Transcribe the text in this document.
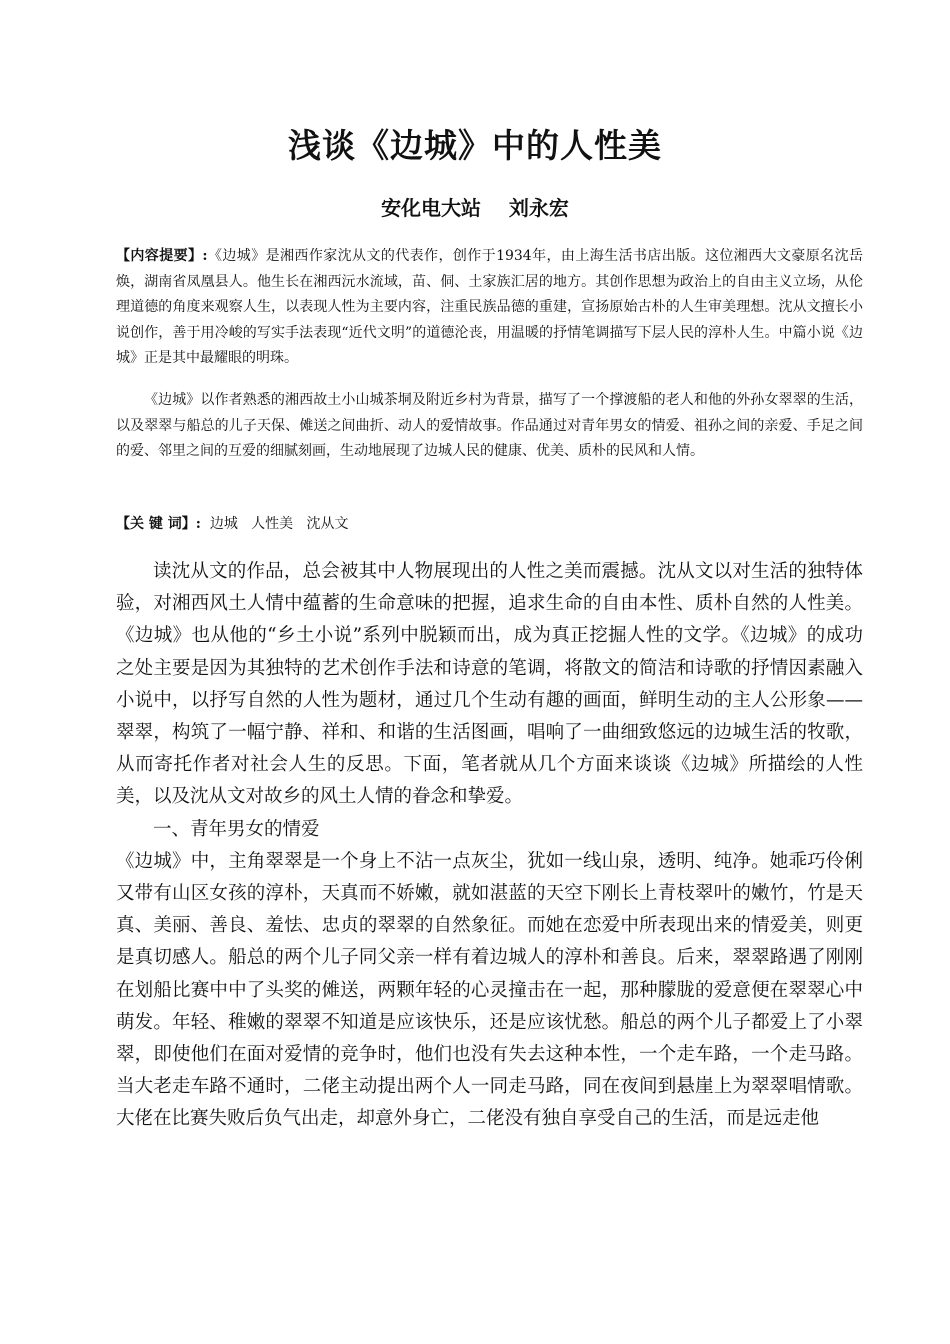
浅谈《边城》中的人性美
安化电大站    刘永宏

【内容提要】:《边城》是湘西作家沈从文的代表作，创作于1934年，由上海生活书店出版。这位湘西大文豪原名沈岳焕，湖南省凤凰县人。他生长在湘西沅水流域，苗、侗、土家族汇居的地方。其创作思想为政治上的自由主义立场，从伦理道德的角度来观察人生，以表现人性为主要内容，注重民族品德的重建，宣扬原始古朴的人生审美理想。沈从文擅长小说创作，善于用冷峻的写实手法表现“近代文明”的道德沦丧，用温暖的抒情笔调描写下层人民的淳朴人生。中篇小说《边城》正是其中最耀眼的明珠。

《边城》以作者熟悉的湘西故土小山城茶垌及附近乡村为背景，描写了一个撑渡船的老人和他的外孙女翠翠的生活，以及翠翠与船总的儿子天保、傩送之间曲折、动人的爱情故事。作品通过对青年男女的情爱、祖孙之间的亲爱、手足之间的爱、邻里之间的互爱的细腻刻画，生动地展现了边城人民的健康、优美、质朴的民风和人情。

【关 键 词】:  边城   人性美   沈从文

读沈从文的作品，总会被其中人物展现出的人性之美而震撼。沈从文以对生活的独特体验，对湘西风土人情中蕴蓄的生命意味的把握，追求生命的自由本性、质朴自然的人性美。《边城》也从他的“乡土小说”系列中脱颖而出，成为真正挖掘人性的文学。《边城》的成功之处主要是因为其独特的艺术创作手法和诗意的笔调，将散文的简洁和诗歌的抒情因素融入小说中，以抒写自然的人性为题材，通过几个生动有趣的画面，鲜明生动的主人公形象——翠翠，构筑了一幅宁静、祥和、和谐的生活图画，唱响了一曲细致悠远的边城生活的牧歌，从而寄托作者对社会人生的反思。下面，笔者就从几个方面来谈谈《边城》所描绘的人性美，以及沈从文对故乡的风土人情的眷念和挚爱。

一、青年男女的情爱

《边城》中，主角翠翠是一个身上不沾一点灰尘，犹如一线山泉，透明、纯净。她乖巧伶俐又带有山区女孩的淳朴，天真而不娇嫩，就如湛蓝的天空下刚长上青枝翠叶的嫩竹，竹是天真、美丽、善良、羞怯、忠贞的翠翠的自然象征。而她在恋爱中所表现出来的情爱美，则更是真切感人。船总的两个儿子同父亲一样有着边城人的淳朴和善良。后来，翠翠路遇了刚刚在划船比赛中中了头奖的傩送，两颗年轻的心灵撞击在一起，那种朦胧的爱意便在翠翠心中萌发。年轻、稚嫩的翠翠不知道是应该快乐，还是应该忧愁。船总的两个儿子都爱上了小翠翠，即使他们在面对爱情的竞争时，他们也没有失去这种本性，一个走车路，一个走马路。当大老走车路不通时，二佬主动提出两个人一同走马路，同在夜间到悬崖上为翠翠唱情歌。大佬在比赛失败后负气出走，却意外身亡，二佬没有独自享受自己的生活，而是远走他
